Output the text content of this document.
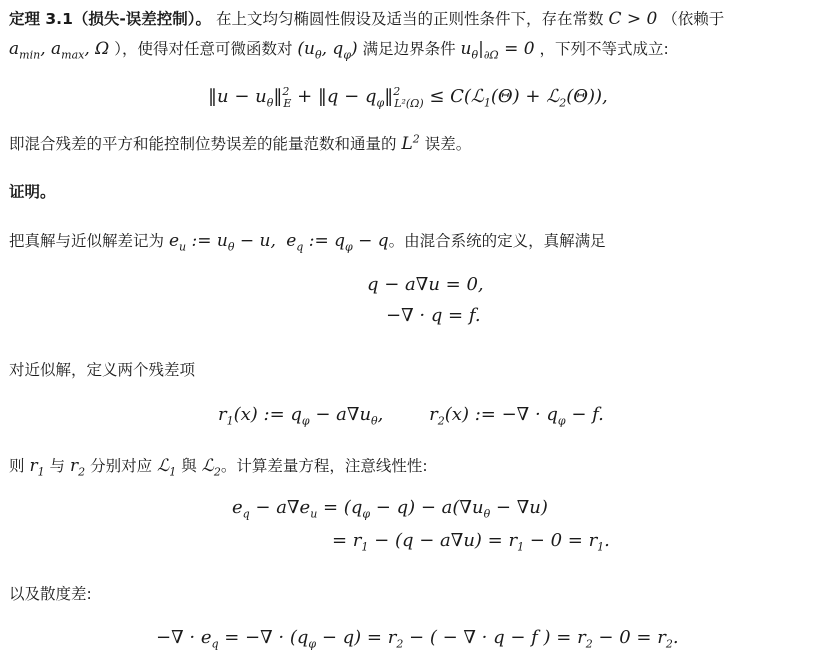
定理 3.1（损失-误差控制）。 在上文均匀椭圆性假设及适当的正则性条件下，存在常数 C > 0 （依赖于
$a_{min}$, $a_{max}$, Ω ），使得对任意可微函数对 ($u_\theta$, $q_\varphi$) 满足边界条件 $u_\theta|_{\partial\Omega} = 0$ ，下列不等式成立:
‖u − $u_\theta‖^2_E$ + ‖q − $q_\varphi‖^2_{L^2(\Omega)}$ ≤ C(ℒ$_1$(Θ) + ℒ$_2$(Θ)),
即混合残差的平方和能控制位势误差的能量范数和通量的 $L^2$ 误差。
证明。
把真解与近似解差记为 $e_u$ := $u_\theta - u$,  $e_q$ := $q_\varphi - q$。由混合系统的定义，真解满足
q − a∇u = 0,
−∇ · q = f.
对近似解，定义两个残差项
$r_1(x)$ := $q_\varphi - a\nabla u_\theta$,        $r_2(x)$ := −∇ · $q_\varphi - f$.
则 $r_1$ 与 $r_2$ 分别对应 ℒ$_1$ 與 ℒ$_2$。计算差量方程，注意线性性:
$e_q - a\nabla e_u = (q_\varphi - q) - a(\nabla u_\theta - \nabla u)$
= $r_1 - (q - a\nabla u) = r_1 - 0 = r_1$.
以及散度差:
−∇ · $e_q$ = −∇ · $(q_\varphi - q) = r_2$ − ( − ∇ · q − f ) = $r_2 - 0 = r_2$.
